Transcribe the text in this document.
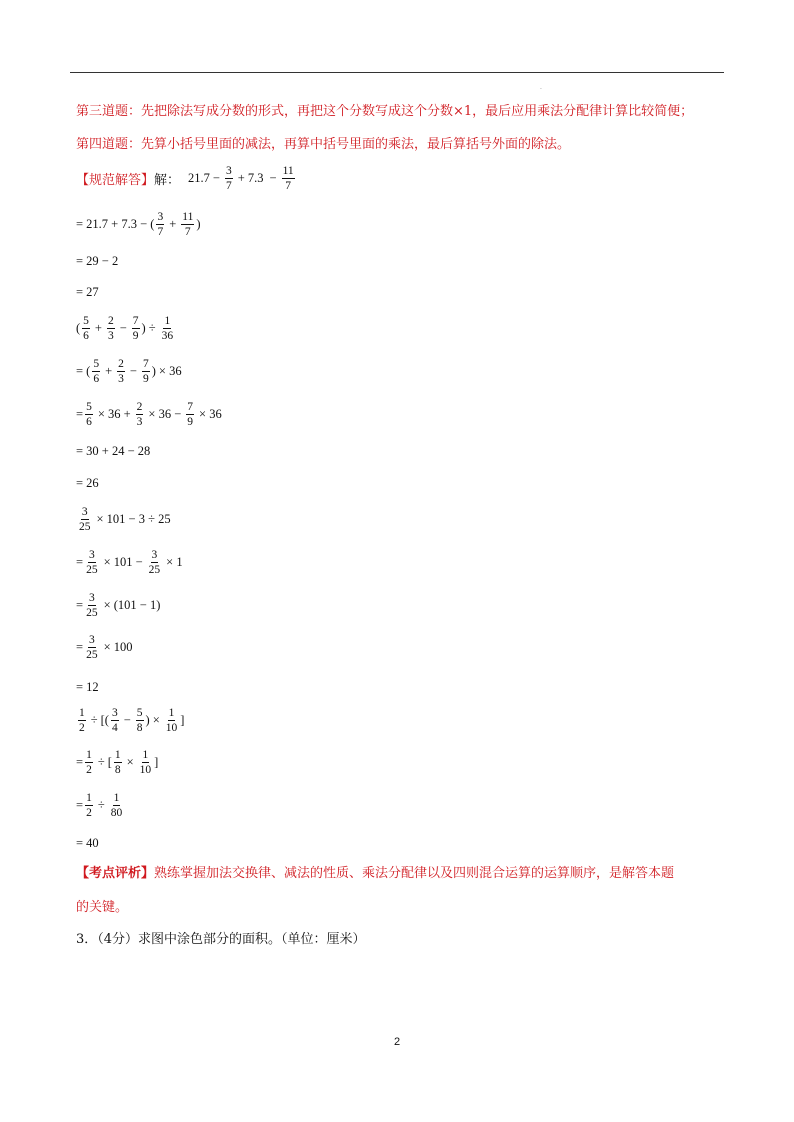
.
第三道题：先把除法写成分数的形式，再把这个分数写成这个分数×1，最后应用乘法分配律计算比较简便；
第四道题：先算小括号里面的减法，再算中括号里面的乘法，最后算括号外面的除法。
【规范解答】 解： $21.7 - \frac{3}{7} + 7.3 - \frac{11}{7}$
= 21.7 + 7.3 − ( $\frac{3}{7} + \frac{11}{7}$ )
= 29 − 2
= 27
( $\frac{5}{6} + \frac{2}{3} - \frac{7}{9}$ ) ÷ $\frac{1}{36}$
= ( $\frac{5}{6} + \frac{2}{3} - \frac{7}{9}$ ) × 36
= $\frac{5}{6} \times 36 + \frac{2}{3} \times 36 - \frac{7}{9} \times 36$
= 30 + 24 − 28
= 26
$\frac{3}{25} \times 101 - 3 \div 25$
= $\frac{3}{25} \times 101 - \frac{3}{25} \times 1$
= $\frac{3}{25} \times (101 - 1)$
= $\frac{3}{25} \times 100$
= 12
$\frac{1}{2}$ ÷ [( $\frac{3}{4} - \frac{5}{8}$ ) × $\frac{1}{10}$ ]
= $\frac{1}{2}$ ÷ [ $\frac{1}{8} \times \frac{1}{10}$ ]
= $\frac{1}{2} \div \frac{1}{80}$
= 40
【考点评析】熟练掌握加法交换律、减法的性质、乘法分配律以及四则混合运算的运算顺序，是解答本题
的关键。
3．（4分）求图中涂色部分的面积。（单位：厘米）
2
